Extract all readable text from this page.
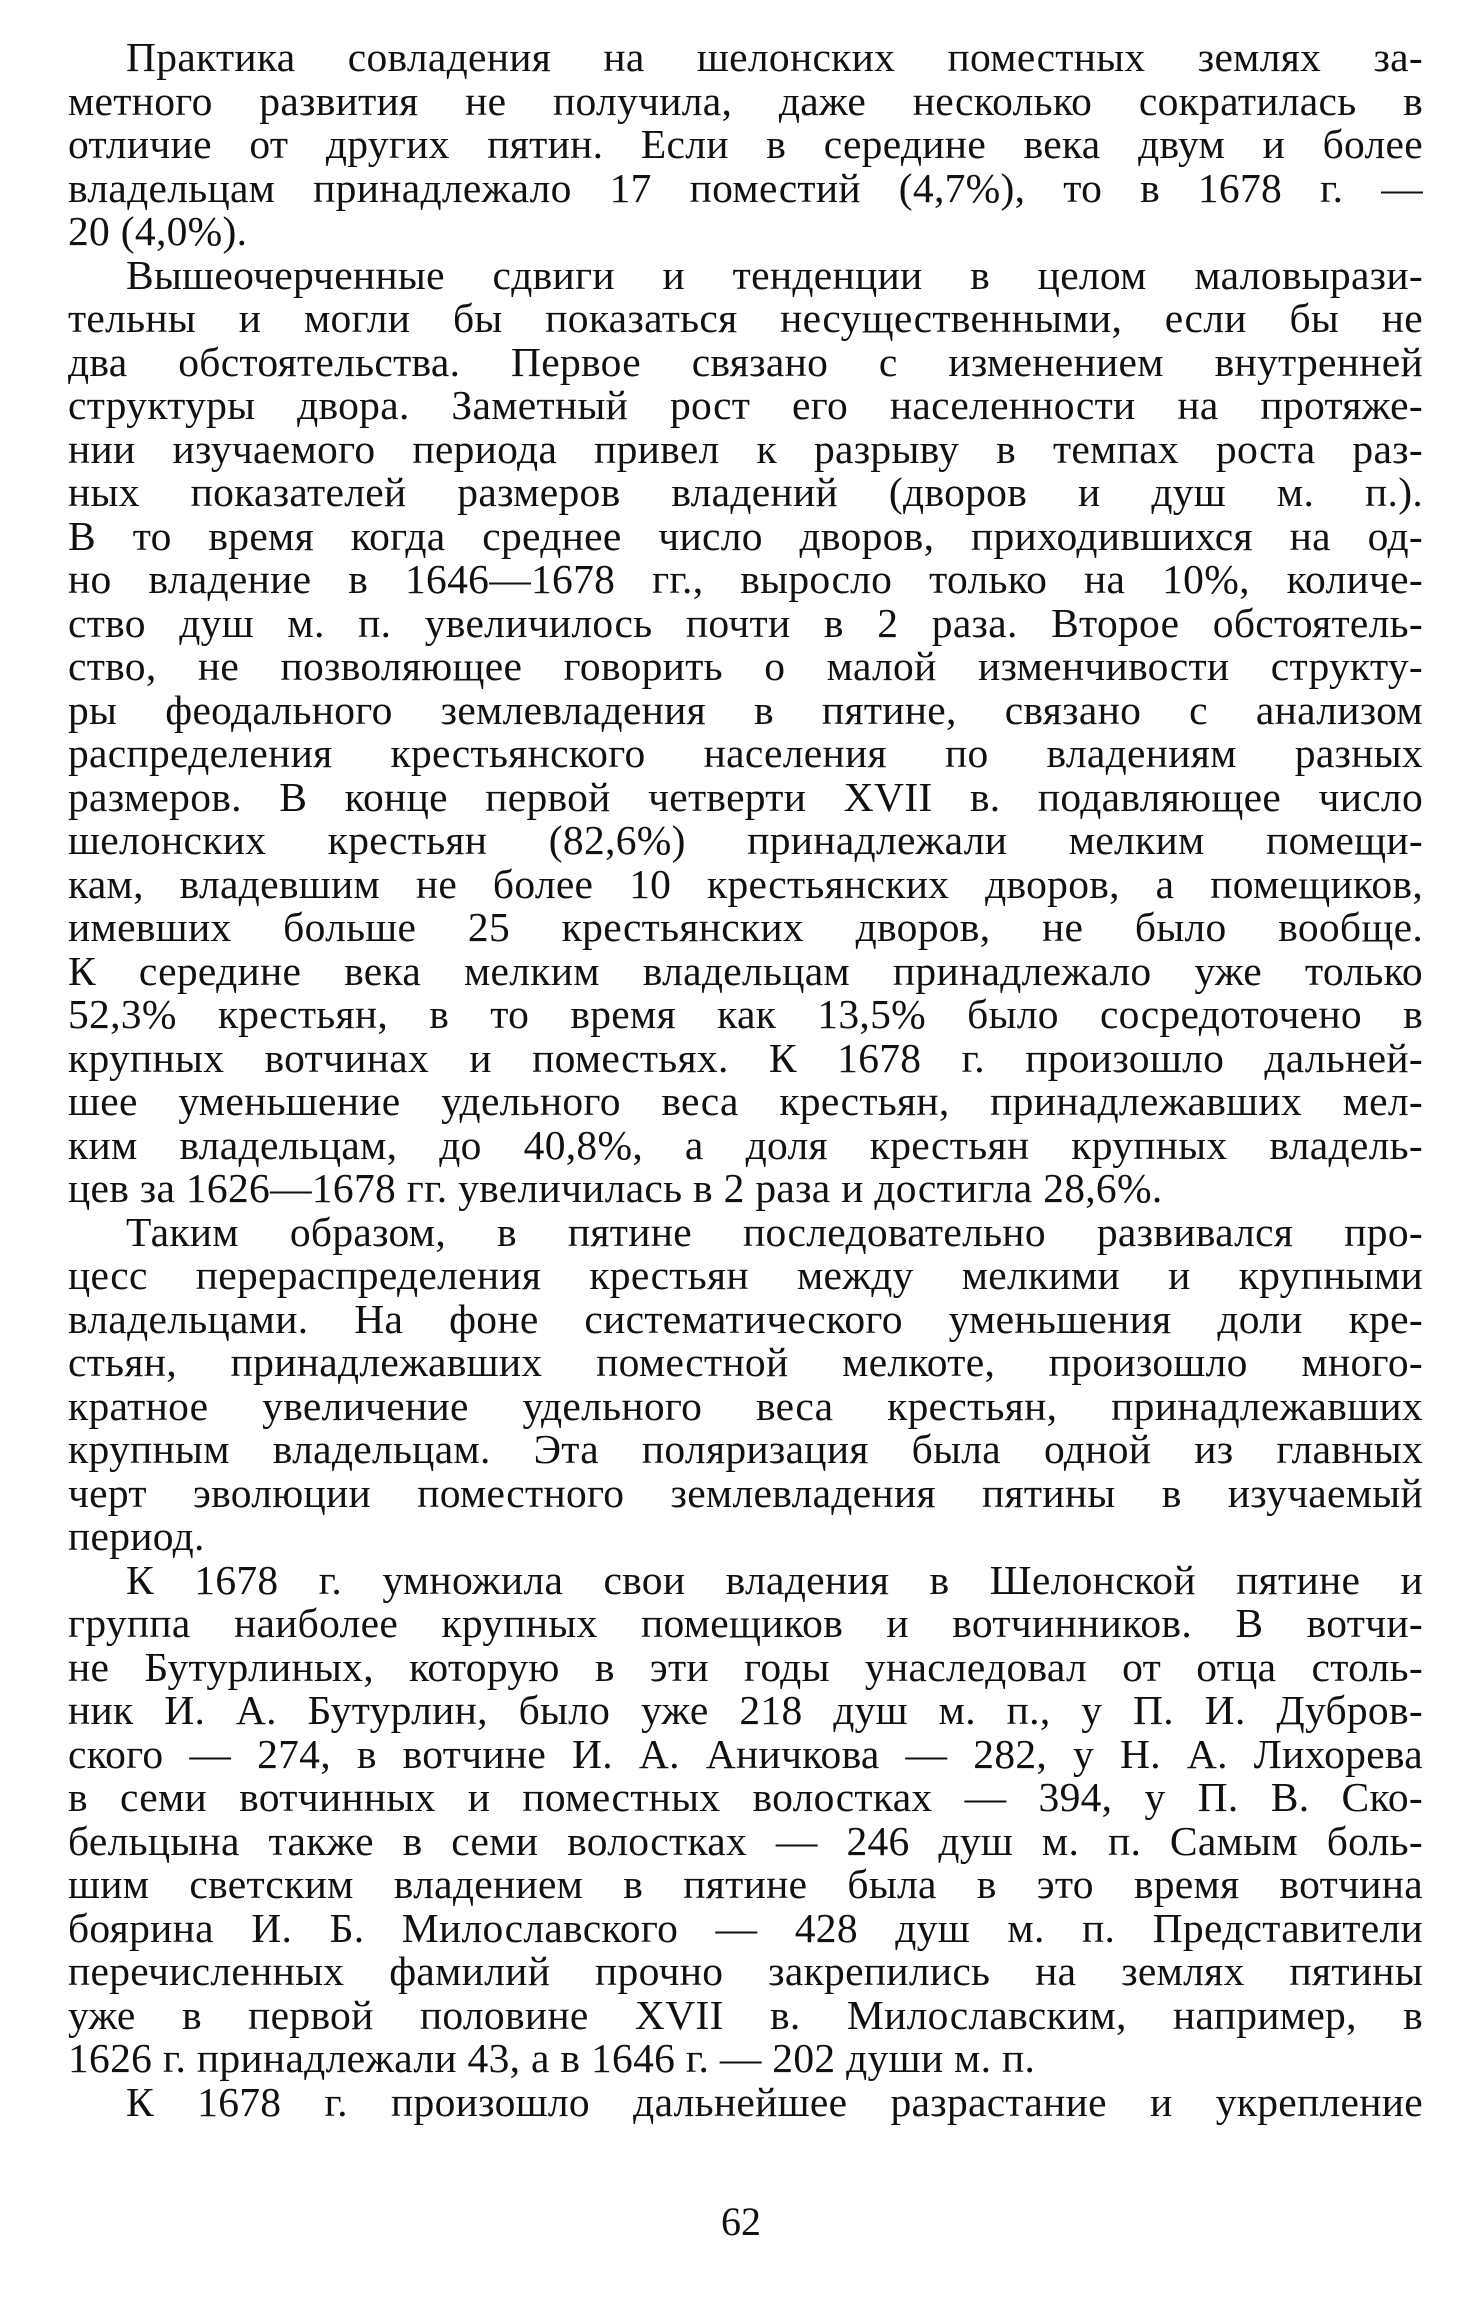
Практика совладения на шелонских поместных землях за-
метного развития не получила, даже несколько сократилась в
отличие от других пятин. Если в середине века двум и более
владельцам принадлежало 17 поместий (4,7%), то в 1678 г. —
20 (4,0%).
Вышеочерченные сдвиги и тенденции в целом маловырази-
тельны и могли бы показаться несущественными, если бы не
два обстоятельства. Первое связано с изменением внутренней
структуры двора. Заметный рост его населенности на протяже-
нии изучаемого периода привел к разрыву в темпах роста раз-
ных показателей размеров владений (дворов и душ м. п.).
В то время когда среднее число дворов, приходившихся на од-
но владение в 1646—1678 гг., выросло только на 10%, количе-
ство душ м. п. увеличилось почти в 2 раза. Второе обстоятель-
ство, не позволяющее говорить о малой изменчивости структу-
ры феодального землевладения в пятине, связано с анализом
распределения крестьянского населения по владениям разных
размеров. В конце первой четверти XVII в. подавляющее число
шелонских крестьян (82,6%) принадлежали мелким помещи-
кам, владевшим не более 10 крестьянских дворов, а помещиков,
имевших больше 25 крестьянских дворов, не было вообще.
К середине века мелким владельцам принадлежало уже только
52,3% крестьян, в то время как 13,5% было сосредоточено в
крупных вотчинах и поместьях. К 1678 г. произошло дальней-
шее уменьшение удельного веса крестьян, принадлежавших мел-
ким владельцам, до 40,8%, а доля крестьян крупных владель-
цев за 1626—1678 гг. увеличилась в 2 раза и достигла 28,6%.
Таким образом, в пятине последовательно развивался про-
цесс перераспределения крестьян между мелкими и крупными
владельцами. На фоне систематического уменьшения доли кре-
стьян, принадлежавших поместной мелкоте, произошло много-
кратное увеличение удельного веса крестьян, принадлежавших
крупным владельцам. Эта поляризация была одной из главных
черт эволюции поместного землевладения пятины в изучаемый
период.
К 1678 г. умножила свои владения в Шелонской пятине и
группа наиболее крупных помещиков и вотчинников. В вотчи-
не Бутурлиных, которую в эти годы унаследовал от отца столь-
ник И. А. Бутурлин, было уже 218 душ м. п., у П. И. Дубров-
ского — 274, в вотчине И. А. Аничкова — 282, у Н. А. Лихорева
в семи вотчинных и поместных волостках — 394, у П. В. Ско-
бельцына также в семи волостках — 246 душ м. п. Самым боль-
шим светским владением в пятине была в это время вотчина
боярина И. Б. Милославского — 428 душ м. п. Представители
перечисленных фамилий прочно закрепились на землях пятины
уже в первой половине XVII в. Милославским, например, в
1626 г. принадлежали 43, а в 1646 г. — 202 души м. п.
К 1678 г. произошло дальнейшее разрастание и укрепление
62
